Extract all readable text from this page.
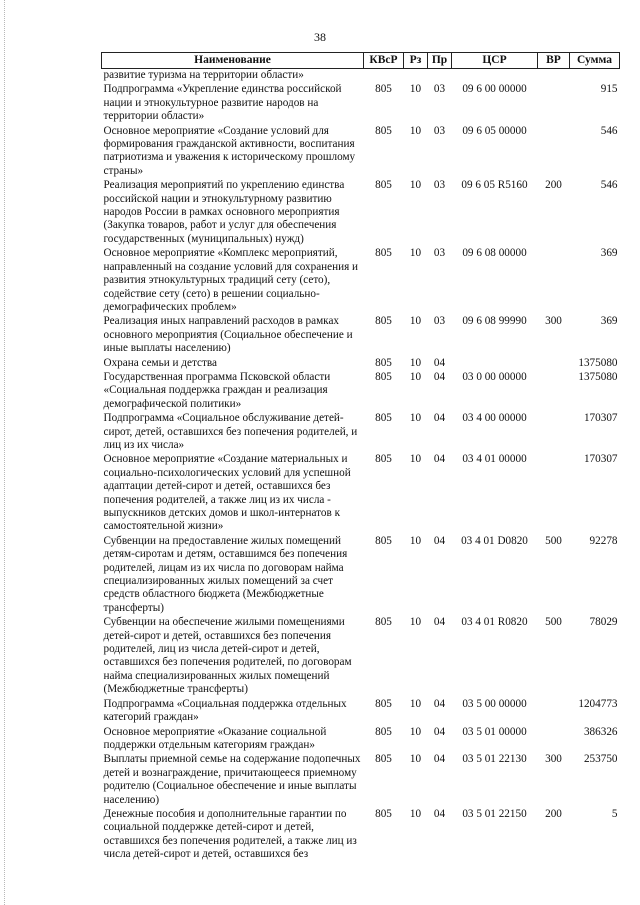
38
Наименование	КВсР	Рз	Пр	ЦСР	ВР	Сумма
развитие туризма на территории области»						
Подпрограмма «Укрепление единства российской нации и этнокультурное развитие народов на территории области»	805	10	03	09 6 00 00000		915
Основное мероприятие «Создание условий для формирования гражданской активности, воспитания патриотизма и уважения к историческому прошлому страны»	805	10	03	09 6 05 00000		546
Реализация мероприятий по укреплению единства российской нации и этнокультурному развитию народов России в рамках основного мероприятия (Закупка товаров, работ и услуг для обеспечения государственных (муниципальных) нужд)	805	10	03	09 6 05 R5160	200	546
Основное мероприятие «Комплекс мероприятий, направленный на создание условий для сохранения и развития этнокультурных традиций сету (сето), содействие сету (сето) в решении социально-демографических проблем»	805	10	03	09 6 08 00000		369
Реализация иных направлений расходов в рамках основного мероприятия (Социальное обеспечение и иные выплаты населению)	805	10	03	09 6 08 99990	300	369
Охрана семьи и детства	805	10	04			1375080
Государственная программа Псковской области «Социальная поддержка граждан и реализация демографической политики»	805	10	04	03 0 00 00000		1375080
Подпрограмма «Социальное обслуживание детей-сирот, детей, оставшихся без попечения родителей, и лиц из их числа»	805	10	04	03 4 00 00000		170307
Основное мероприятие «Создание материальных и социально-психологических условий для успешной адаптации детей-сирот и детей, оставшихся без попечения родителей, а также лиц из их числа - выпускников детских домов и школ-интернатов к самостоятельной жизни»	805	10	04	03 4 01 00000		170307
Субвенции на предоставление жилых помещений детям-сиротам и детям, оставшимся без попечения родителей, лицам из их числа по договорам найма специализированных жилых помещений за счет средств областного бюджета (Межбюджетные трансферты)	805	10	04	03 4 01 D0820	500	92278
Субвенции на обеспечение жилыми помещениями детей-сирот и детей, оставшихся без попечения родителей, лиц из числа детей-сирот и детей, оставшихся без попечения родителей, по договорам найма специализированных жилых помещений (Межбюджетные трансферты)	805	10	04	03 4 01 R0820	500	78029
Подпрограмма «Социальная поддержка отдельных категорий граждан»	805	10	04	03 5 00 00000		1204773
Основное мероприятие «Оказание социальной поддержки отдельным категориям граждан»	805	10	04	03 5 01 00000		386326
Выплаты приемной семье на содержание подопечных детей и вознаграждение, причитающееся приемному родителю (Социальное обеспечение и иные выплаты населению)	805	10	04	03 5 01 22130	300	253750
Денежные пособия и дополнительные гарантии по социальной поддержке детей-сирот и детей, оставшихся без попечения родителей, а также лиц из числа детей-сирот и детей, оставшихся без	805	10	04	03 5 01 22150	200	5
